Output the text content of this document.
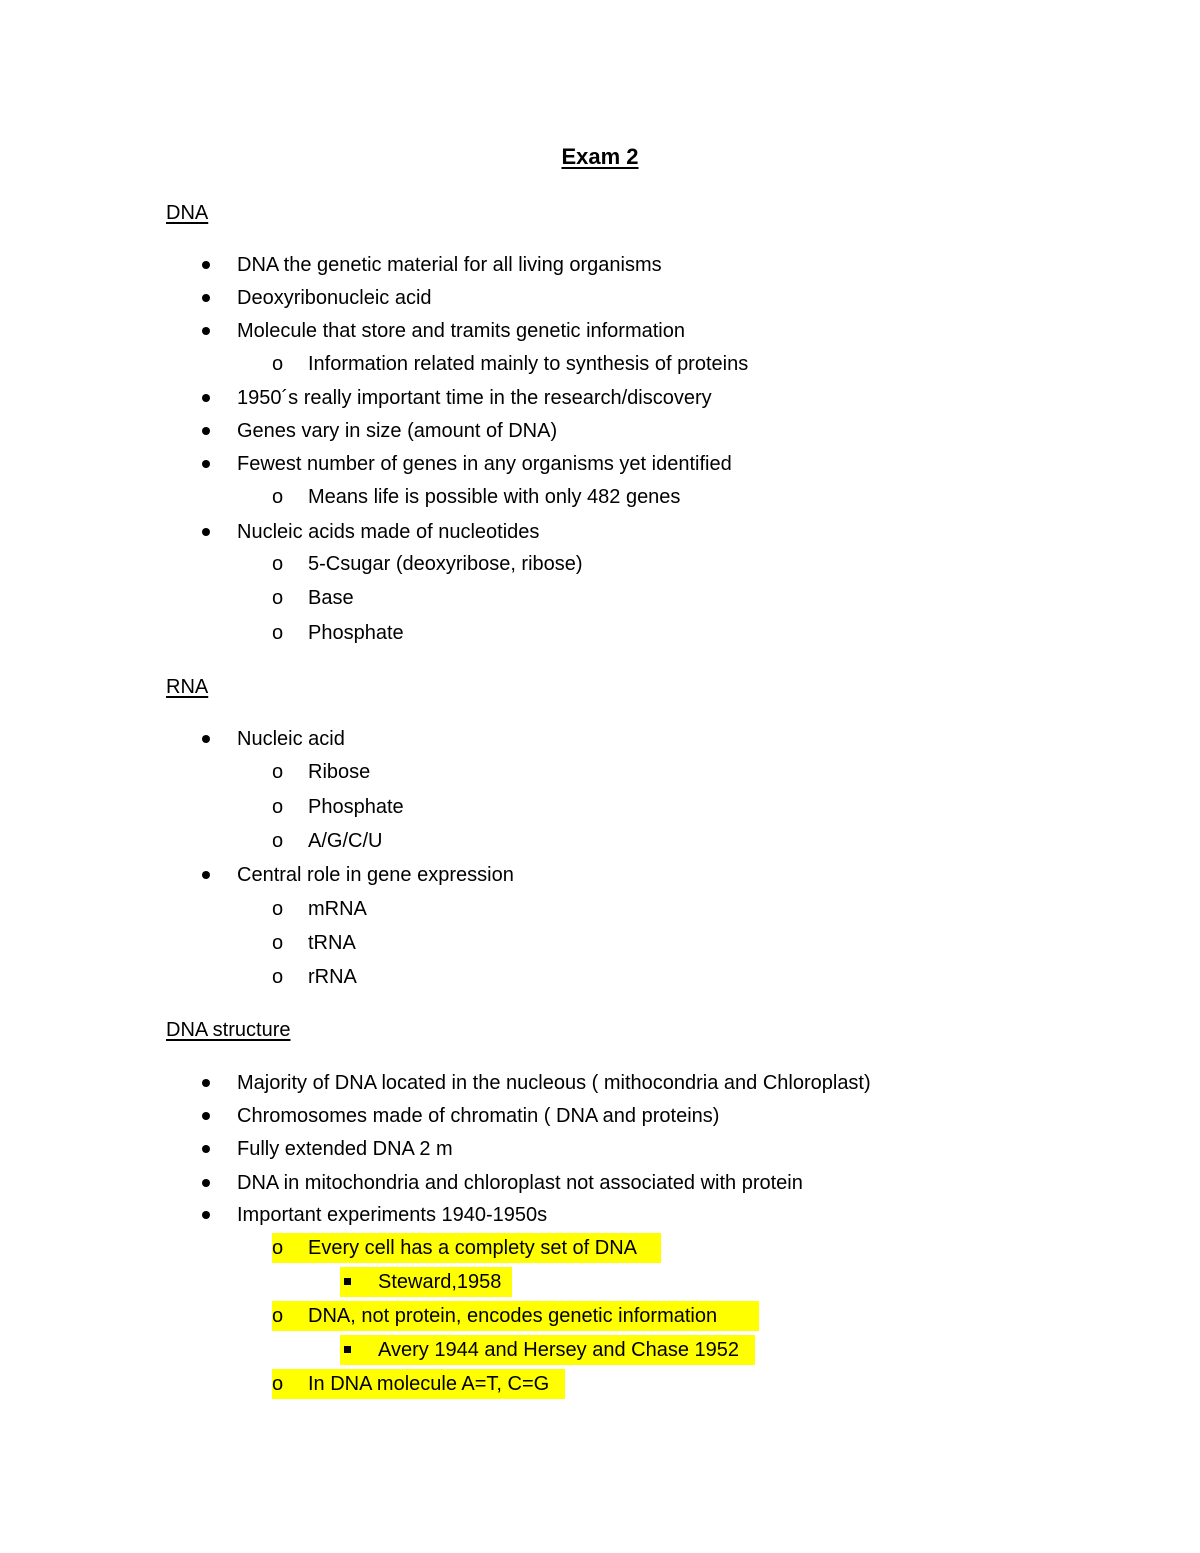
Exam 2
DNA
DNA the genetic material for all living organisms
Deoxyribonucleic acid
Molecule that store and tramits genetic information
o Information related mainly to synthesis of proteins
1950´s really important time in the research/discovery
Genes vary in size (amount of DNA)
Fewest number of genes in any organisms yet identified
o Means life is possible with only 482 genes
Nucleic acids made of nucleotides
o 5-Csugar (deoxyribose, ribose)
o Base
o Phosphate
RNA
Nucleic acid
o Ribose
o Phosphate
o A/G/C/U
Central role in gene expression
o mRNA
o tRNA
o rRNA
DNA structure
Majority of DNA located in the nucleous ( mithocondria and Chloroplast)
Chromosomes made of chromatin ( DNA and proteins)
Fully extended DNA 2 m
DNA in mitochondria and chloroplast not associated with protein
Important experiments 1940-1950s
o Every cell has a complety set of DNA
Steward,1958
o DNA, not protein, encodes genetic information
Avery 1944 and Hersey and Chase 1952
o In DNA molecule A=T, C=G
